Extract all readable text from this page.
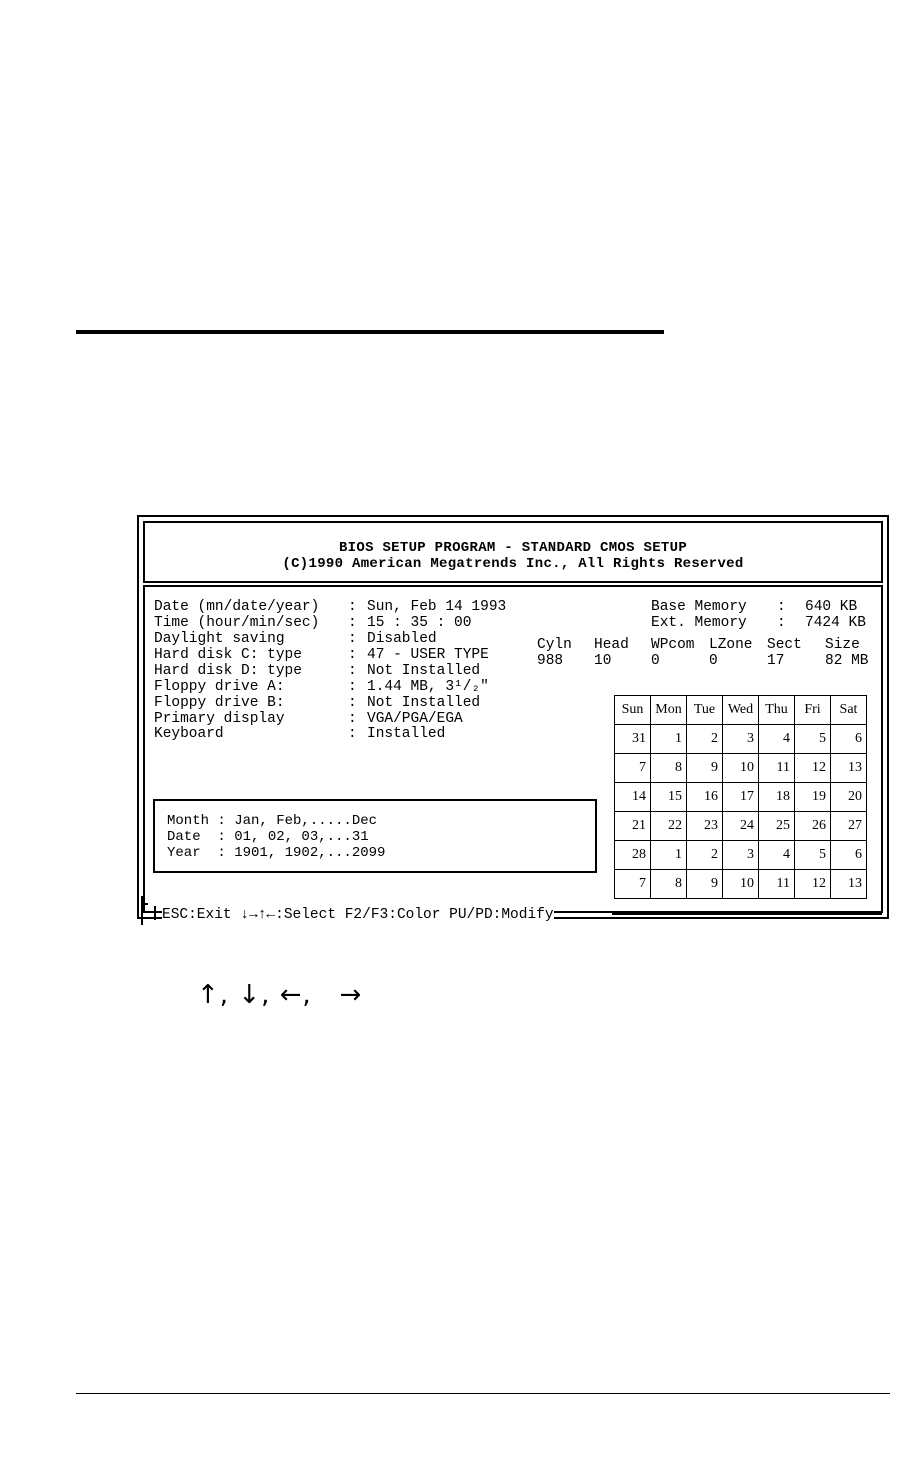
BIOS SETUP PROGRAM - STANDARD CMOS SETUP
(C)1990 American Megatrends Inc., All Rights Reserved
Date (mn/date/year) : Sun, Feb 14 1993
Time (hour/min/sec) : 15 : 35 : 00
Daylight saving	: Disabled
Hard disk C: type	: 47 - USER TYPE
Hard disk D: type	: Not Installed
Floppy drive A:	: 1.44 MB, 3¹/₂"
Floppy drive B:	: Not Installed
Primary display	: VGA/PGA/EGA
Keyboard	: Installed
Base Memory : 640 KB
Ext. Memory : 7424 KB
Cyln Head WPcom LZone Sect Size
988 10	0	0	17	82 MB
Month : Jan, Feb,.....Dec
Date  : 01, 02, 03,...31
Year  : 1901, 1902,...2099
Sun	Mon	Tue	Wed	Thu	Fri	Sat
31	1	2	3	4	5	6
7	8	9	10	11	12	13
14	15	16	17	18	19	20
21	22	23	24	25	26	27
28	1	2	3	4	5	6
7	8	9	10	11	12	13
ESC:Exit ↓→↑←:Select F2/F3:Color PU/PD:Modify
↑, ↓, ←,   →
